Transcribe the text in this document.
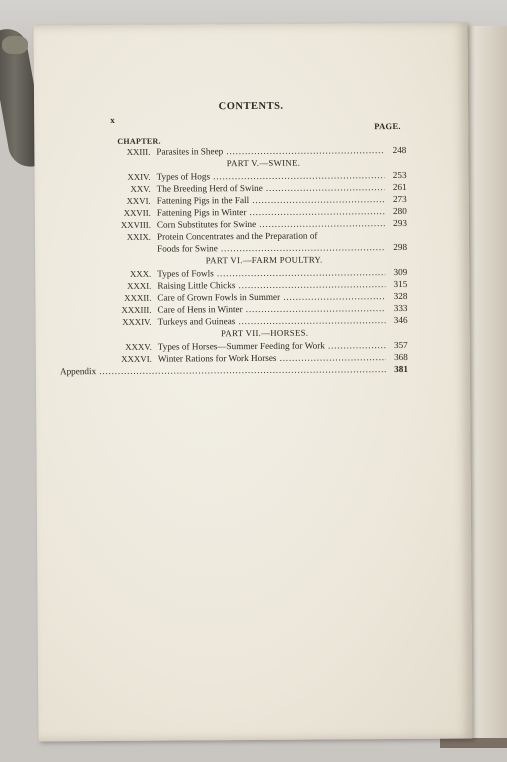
x
CONTENTS.
PAGE.
CHAPTER.
XXIII. Parasites in Sheep .....	248
PART V.—SWINE.
XXIV. Types of Hogs .....	253
XXV. The Breeding Herd of Swine .....	261
XXVI. Fattening Pigs in the Fall .....	273
XXVII. Fattening Pigs in Winter .....	280
XXVIII. Corn Substitutes for Swine .....	293
XXIX. Protein Concentrates and the Preparation of
Foods for Swine .....	298
PART VI.—FARM POULTRY.
XXX. Types of Fowls .....	309
XXXI. Raising Little Chicks .....	315
XXXII. Care of Grown Fowls in Summer .....	328
XXXIII. Care of Hens in Winter .....	333
XXXIV. Turkeys and Guineas .....	346
PART VII.—HORSES.
XXXV. Types of Horses—Summer Feeding for Work .....	357
XXXVI. Winter Rations for Work Horses .....	368
Appendix .....	381
